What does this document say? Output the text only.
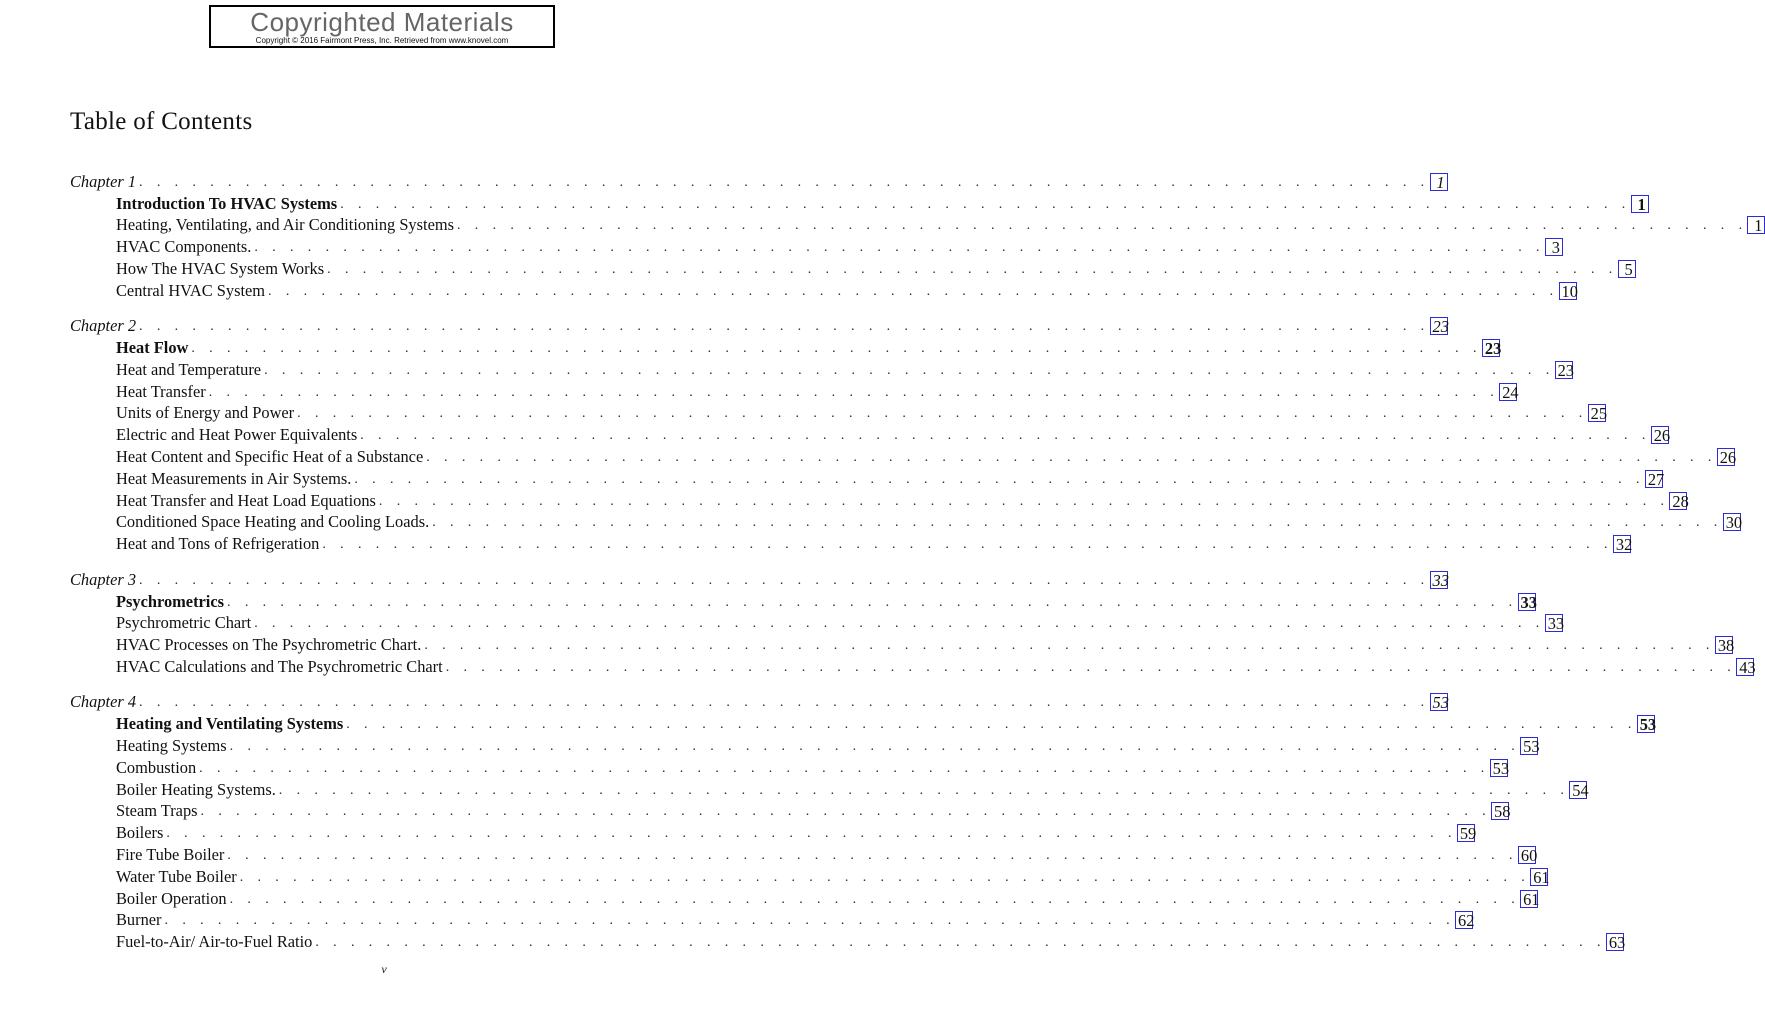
Copyrighted Materials
Copyright © 2016 Fairmont Press, Inc. Retrieved from www.knovel.com
Table of Contents
Chapter 1 . . . . . . . . . . . . . . . . . . . . . . . . . . . . . . . . . . . . . . . . . . . . . . . . . . . . . . . . . . . . . . . . . . . . . . . . . 1
Introduction To HVAC Systems . . . . . . . . . . . . . . . . . . . . . . . . . . . . . . . . . . . . . . . . . . . . . . . . . . . . . . . . . . . . . . . . . . . . . . . . . 1
Heating, Ventilating, and Air Conditioning Systems . . . . . . . . . . . . . . . . . . . . . . . . . . . . . . . . . . . . . . . . . . . . . . . . . . . . . . . . . . . . . . . . . . . . . . . . . 1
HVAC Components. . . . . . . . . . . . . . . . . . . . . . . . . . . . . . . . . . . . . . . . . . . . . . . . . . . . . . . . . . . . . . . . . . . . . . . . . . 3
How The HVAC System Works . . . . . . . . . . . . . . . . . . . . . . . . . . . . . . . . . . . . . . . . . . . . . . . . . . . . . . . . . . . . . . . . . . . . . . . . . 5
Central HVAC System . . . . . . . . . . . . . . . . . . . . . . . . . . . . . . . . . . . . . . . . . . . . . . . . . . . . . . . . . . . . . . . . . . . . . . . . . 10
Chapter 2 . . . . . . . . . . . . . . . . . . . . . . . . . . . . . . . . . . . . . . . . . . . . . . . . . . . . . . . . . . . . . . . . . . . . . . . . . 23
Heat Flow . . . . . . . . . . . . . . . . . . . . . . . . . . . . . . . . . . . . . . . . . . . . . . . . . . . . . . . . . . . . . . . . . . . . . . . . . 23
Heat and Temperature . . . . . . . . . . . . . . . . . . . . . . . . . . . . . . . . . . . . . . . . . . . . . . . . . . . . . . . . . . . . . . . . . . . . . . . . . 23
Heat Transfer . . . . . . . . . . . . . . . . . . . . . . . . . . . . . . . . . . . . . . . . . . . . . . . . . . . . . . . . . . . . . . . . . . . . . . . . . 24
Units of Energy and Power . . . . . . . . . . . . . . . . . . . . . . . . . . . . . . . . . . . . . . . . . . . . . . . . . . . . . . . . . . . . . . . . . . . . . . . . . 25
Electric and Heat Power Equivalents . . . . . . . . . . . . . . . . . . . . . . . . . . . . . . . . . . . . . . . . . . . . . . . . . . . . . . . . . . . . . . . . . . . . . . . . . 26
Heat Content and Specific Heat of a Substance . . . . . . . . . . . . . . . . . . . . . . . . . . . . . . . . . . . . . . . . . . . . . . . . . . . . . . . . . . . . . . . . . . . . . . . . . 26
Heat Measurements in Air Systems. . . . . . . . . . . . . . . . . . . . . . . . . . . . . . . . . . . . . . . . . . . . . . . . . . . . . . . . . . . . . . . . . . . . . . . . . . 27
Heat Transfer and Heat Load Equations . . . . . . . . . . . . . . . . . . . . . . . . . . . . . . . . . . . . . . . . . . . . . . . . . . . . . . . . . . . . . . . . . . . . . . . . . 28
Conditioned Space Heating and Cooling Loads. . . . . . . . . . . . . . . . . . . . . . . . . . . . . . . . . . . . . . . . . . . . . . . . . . . . . . . . . . . . . . . . . . . . . . . . . . 30
Heat and Tons of Refrigeration . . . . . . . . . . . . . . . . . . . . . . . . . . . . . . . . . . . . . . . . . . . . . . . . . . . . . . . . . . . . . . . . . . . . . . . . . 32
Chapter 3 . . . . . . . . . . . . . . . . . . . . . . . . . . . . . . . . . . . . . . . . . . . . . . . . . . . . . . . . . . . . . . . . . . . . . . . . . 33
Psychrometrics . . . . . . . . . . . . . . . . . . . . . . . . . . . . . . . . . . . . . . . . . . . . . . . . . . . . . . . . . . . . . . . . . . . . . . . . . 33
Psychrometric Chart . . . . . . . . . . . . . . . . . . . . . . . . . . . . . . . . . . . . . . . . . . . . . . . . . . . . . . . . . . . . . . . . . . . . . . . . . 33
HVAC Processes on The Psychrometric Chart. . . . . . . . . . . . . . . . . . . . . . . . . . . . . . . . . . . . . . . . . . . . . . . . . . . . . . . . . . . . . . . . . . . . . . . . . . 38
HVAC Calculations and The Psychrometric Chart . . . . . . . . . . . . . . . . . . . . . . . . . . . . . . . . . . . . . . . . . . . . . . . . . . . . . . . . . . . . . . . . . . . . . . . . . 43
Chapter 4 . . . . . . . . . . . . . . . . . . . . . . . . . . . . . . . . . . . . . . . . . . . . . . . . . . . . . . . . . . . . . . . . . . . . . . . . . 53
Heating and Ventilating Systems . . . . . . . . . . . . . . . . . . . . . . . . . . . . . . . . . . . . . . . . . . . . . . . . . . . . . . . . . . . . . . . . . . . . . . . . . 53
Heating Systems . . . . . . . . . . . . . . . . . . . . . . . . . . . . . . . . . . . . . . . . . . . . . . . . . . . . . . . . . . . . . . . . . . . . . . . . . 53
Combustion . . . . . . . . . . . . . . . . . . . . . . . . . . . . . . . . . . . . . . . . . . . . . . . . . . . . . . . . . . . . . . . . . . . . . . . . . 53
Boiler Heating Systems. . . . . . . . . . . . . . . . . . . . . . . . . . . . . . . . . . . . . . . . . . . . . . . . . . . . . . . . . . . . . . . . . . . . . . . . . . 54
Steam Traps . . . . . . . . . . . . . . . . . . . . . . . . . . . . . . . . . . . . . . . . . . . . . . . . . . . . . . . . . . . . . . . . . . . . . . . . . 58
Boilers . . . . . . . . . . . . . . . . . . . . . . . . . . . . . . . . . . . . . . . . . . . . . . . . . . . . . . . . . . . . . . . . . . . . . . . . . 59
Fire Tube Boiler . . . . . . . . . . . . . . . . . . . . . . . . . . . . . . . . . . . . . . . . . . . . . . . . . . . . . . . . . . . . . . . . . . . . . . . . . 60
Water Tube Boiler . . . . . . . . . . . . . . . . . . . . . . . . . . . . . . . . . . . . . . . . . . . . . . . . . . . . . . . . . . . . . . . . . . . . . . . . . 61
Boiler Operation . . . . . . . . . . . . . . . . . . . . . . . . . . . . . . . . . . . . . . . . . . . . . . . . . . . . . . . . . . . . . . . . . . . . . . . . . 61
Burner . . . . . . . . . . . . . . . . . . . . . . . . . . . . . . . . . . . . . . . . . . . . . . . . . . . . . . . . . . . . . . . . . . . . . . . . . 62
Fuel-to-Air/ Air-to-Fuel Ratio . . . . . . . . . . . . . . . . . . . . . . . . . . . . . . . . . . . . . . . . . . . . . . . . . . . . . . . . . . . . . . . . . . . . . . . . . 63
v
